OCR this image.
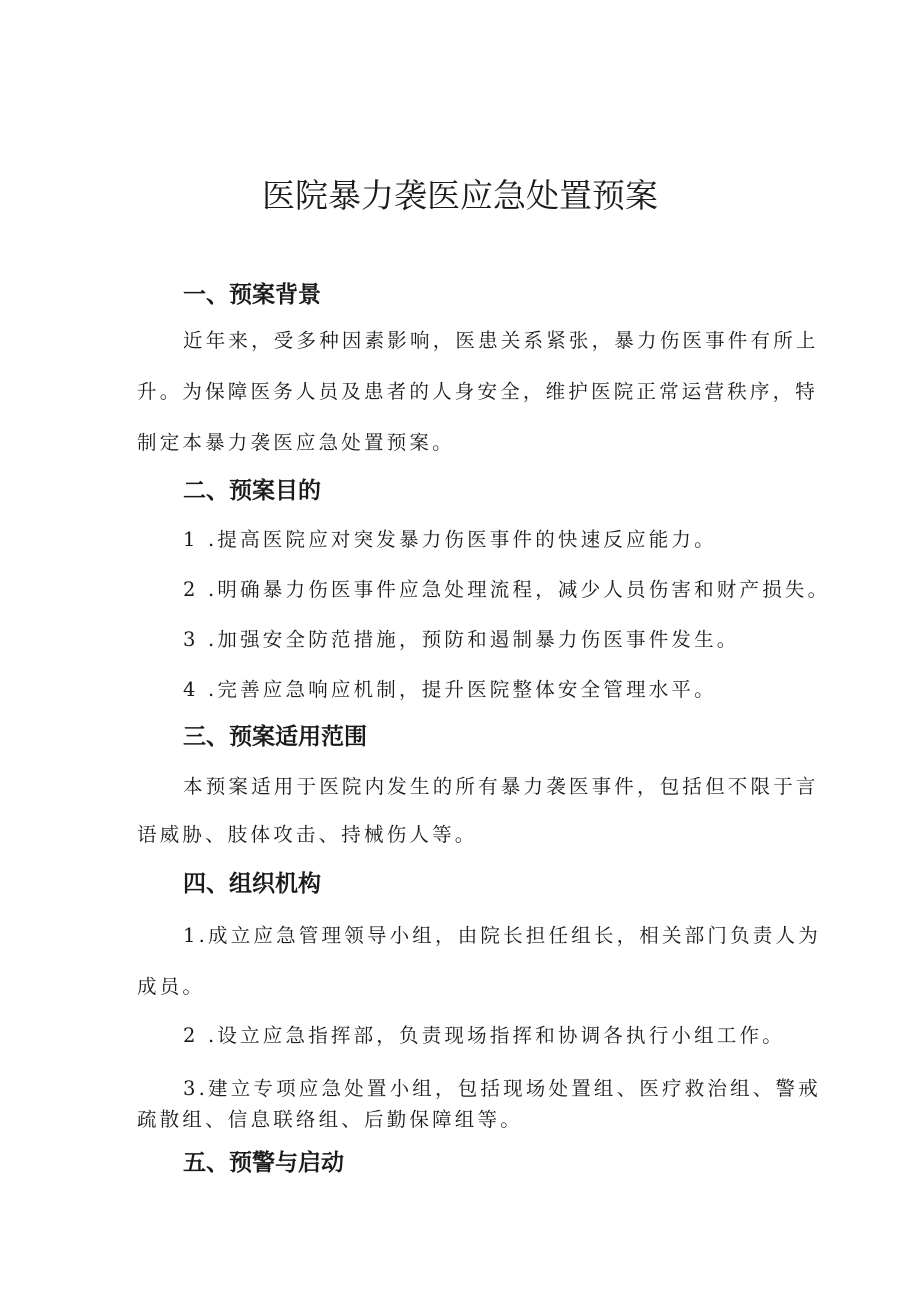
医院暴力袭医应急处置预案
一、预案背景
近年来，受多种因素影响，医患关系紧张，暴力伤医事件有所上
升。为保障医务人员及患者的人身安全，维护医院正常运营秩序，特
制定本暴力袭医应急处置预案。
二、预案目的
1 .提高医院应对突发暴力伤医事件的快速反应能力。
2 .明确暴力伤医事件应急处理流程，减少人员伤害和财产损失。
3 .加强安全防范措施，预防和遏制暴力伤医事件发生。
4 .完善应急响应机制，提升医院整体安全管理水平。
三、预案适用范围
本预案适用于医院内发生的所有暴力袭医事件，包括但不限于言
语威胁、肢体攻击、持械伤人等。
四、组织机构
1.成立应急管理领导小组，由院长担任组长，相关部门负责人为
成员。
2 .设立应急指挥部，负责现场指挥和协调各执行小组工作。
3.建立专项应急处置小组，包括现场处置组、医疗救治组、警戒
疏散组、信息联络组、后勤保障组等。
五、预警与启动
